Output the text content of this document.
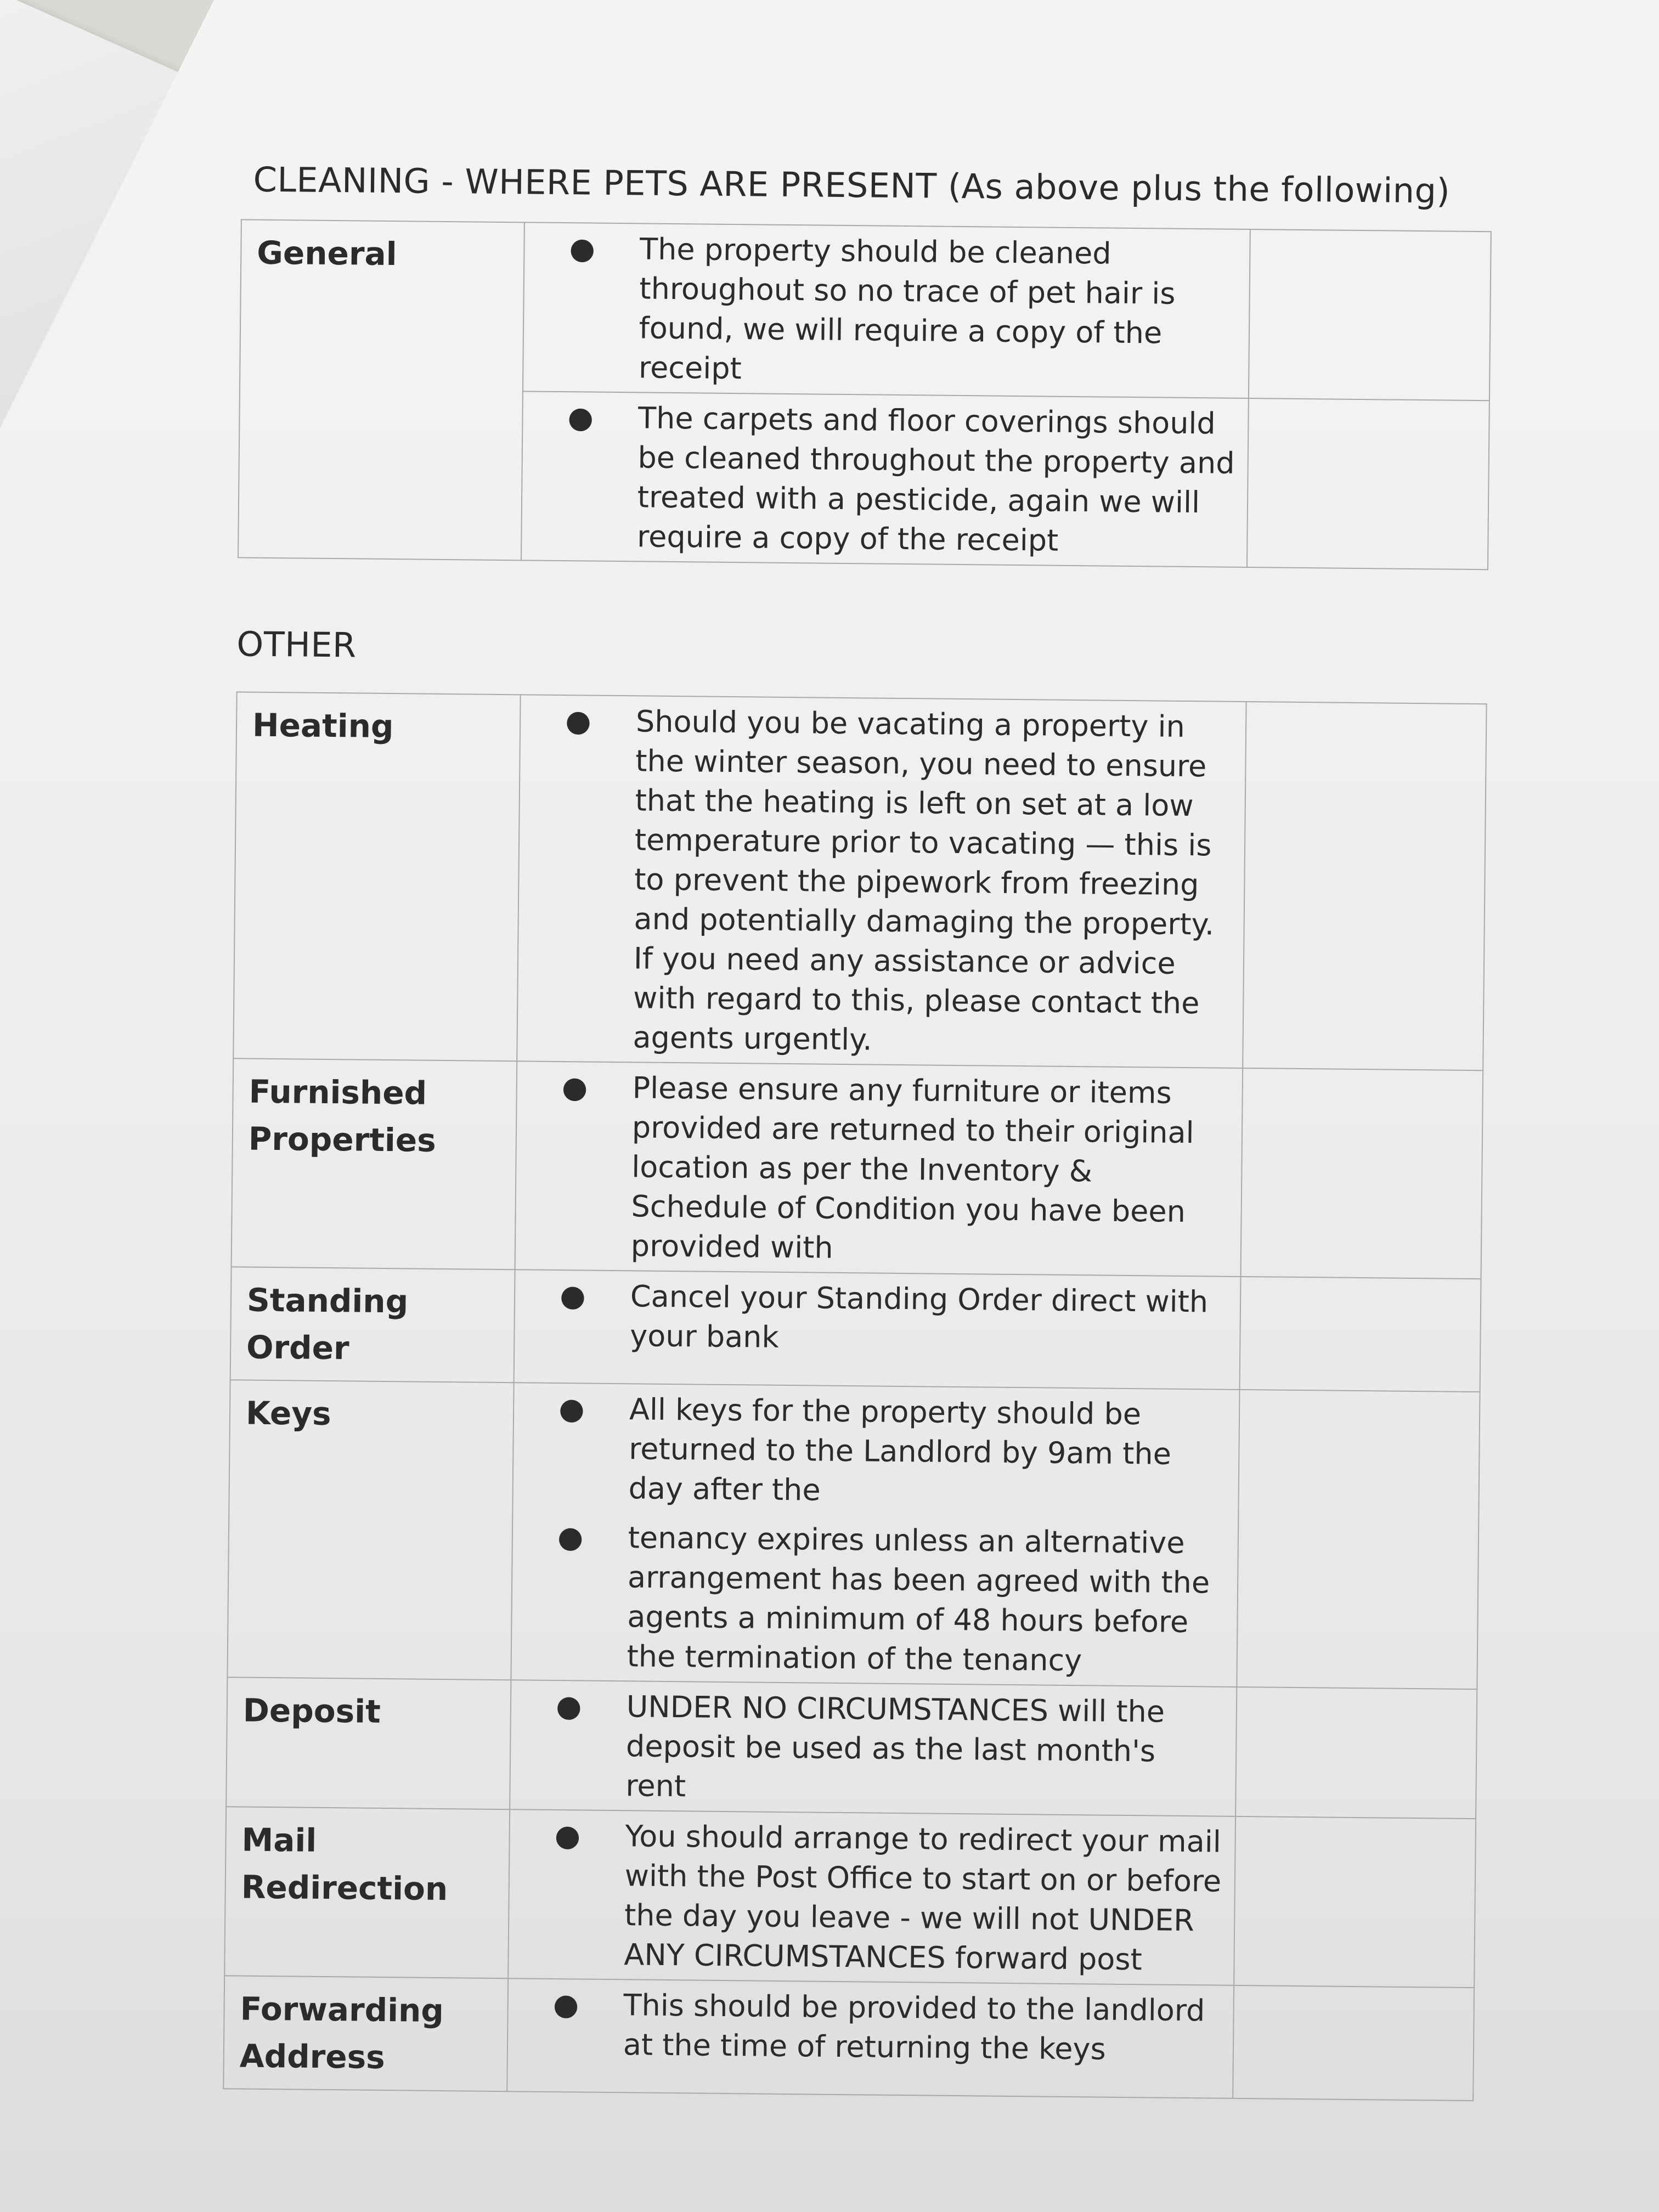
CLEANING - WHERE PETS ARE PRESENT (As above plus the following)
General	● The property should be cleaned throughout so no trace of pet hair is found, we will require a copy of the receipt	

	● The carpets and floor coverings should be cleaned throughout the property and treated with a pesticide, again we will require a copy of the receipt	

OTHER
Heating	● Should you be vacating a property in the winter season, you need to ensure that the heating is left on set at a low temperature prior to vacating — this is to prevent the pipework from freezing and potentially damaging the property. If you need any assistance or advice with regard to this, please contact the agents urgently.	

Furnished Properties	● Please ensure any furniture or items provided are returned to their original location as per the Inventory & Schedule of Condition you have been provided with	

Standing Order	● Cancel your Standing Order direct with your bank	

Keys	● All keys for the property should be returned to the Landlord by 9am the day after the
● tenancy expires unless an alternative arrangement has been agreed with the agents a minimum of 48 hours before the termination of the tenancy	

Deposit	● UNDER NO CIRCUMSTANCES will the deposit be used as the last month's rent	

Mail Redirection	● You should arrange to redirect your mail with the Post Office to start on or before the day you leave - we will not UNDER ANY CIRCUMSTANCES forward post	

Forwarding Address	● This should be provided to the landlord at the time of returning the keys	
